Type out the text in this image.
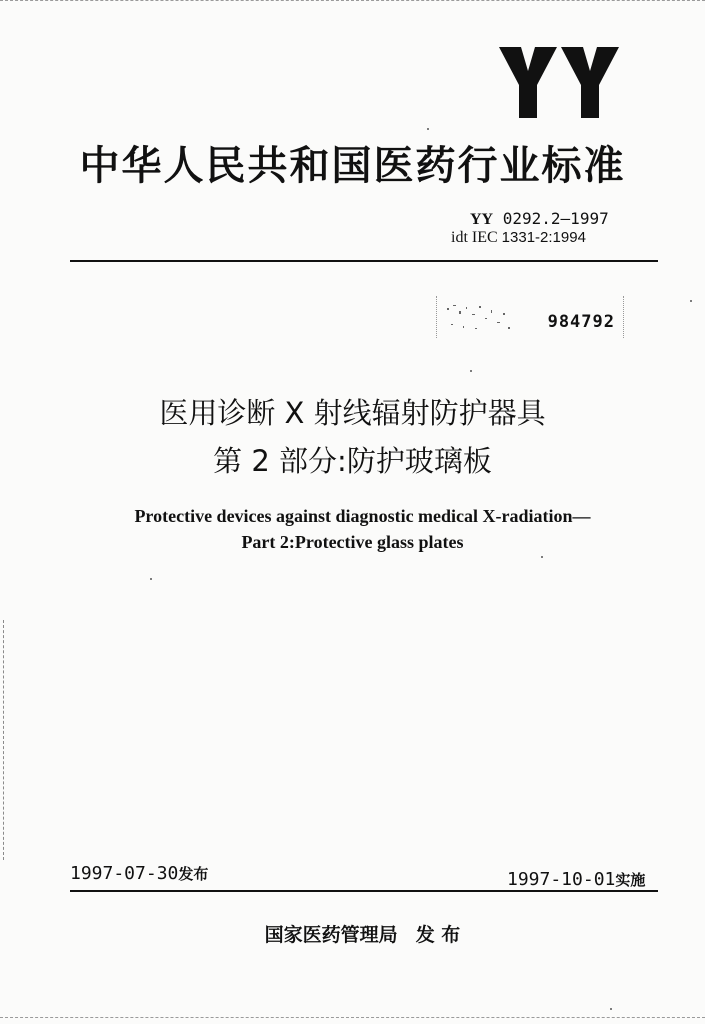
中华人民共和国医药行业标准
YY 0292.2—1997
idt IEC 1331-2:1994
984792
医用诊断 X 射线辐射防护器具
第 2 部分:防护玻璃板

Protective devices against diagnostic medical X-radiation—

Part 2:Protective glass plates

1997-07-30发布	1997-10-01实施
国家医药管理局 发 布
